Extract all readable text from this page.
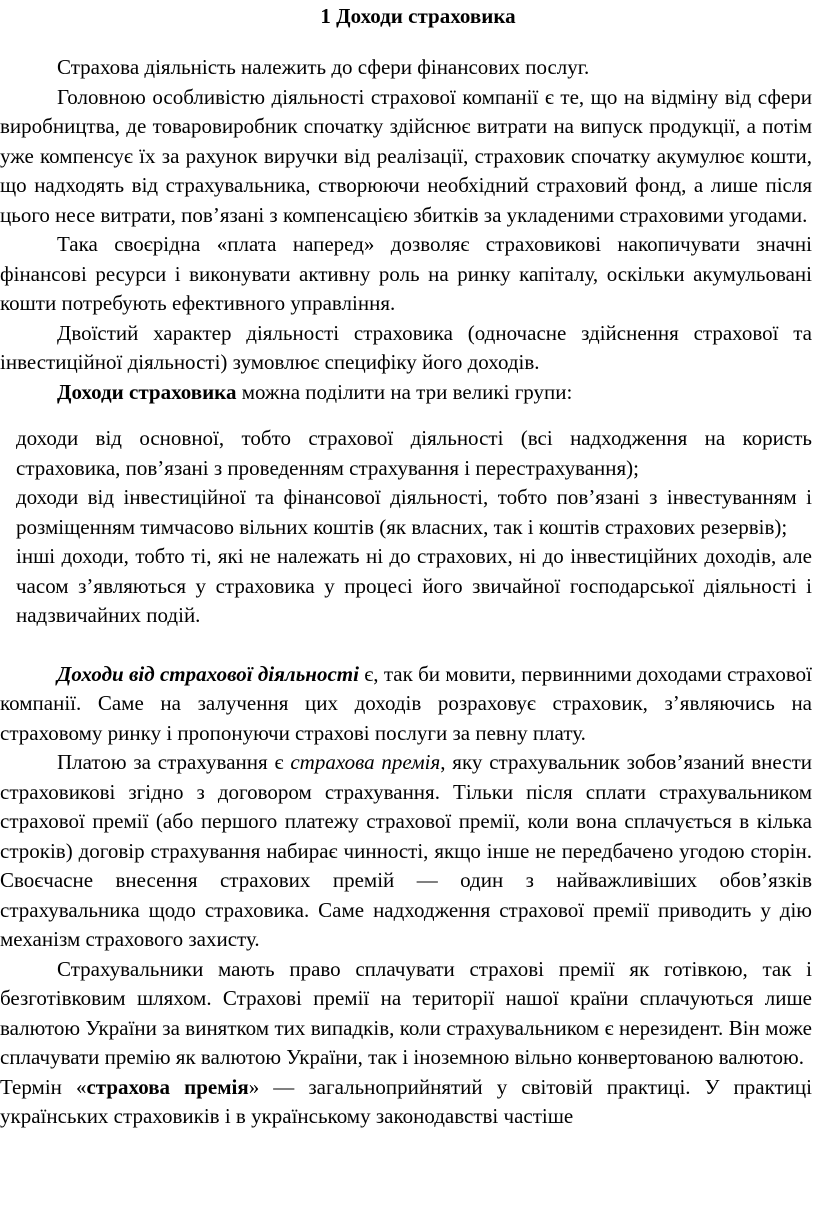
1 Доходи страховика

Страхова діяльність належить до сфери фінансових послуг.

Головною особливістю діяльності страхової компанії є те, що на відміну від сфери виробництва, де товаровиробник спочатку здійснює витрати на випуск продукції, а потім уже компенсує їх за рахунок виручки від реалізації, страховик спочатку акумулює кошти, що надходять від страхувальника, створюючи необхідний страховий фонд, а лише після цього несе витрати, пов’язані з компенсацією збитків за укладеними страховими угодами.

Така своєрідна «плата наперед» дозволяє страховикові накопичувати значні фінансові ресурси і виконувати активну роль на ринку капіталу, оскільки акумульовані кошти потребують ефективного управління.

Двоїстий характер діяльності страховика (одночасне здійснення страхової та інвестиційної діяльності) зумовлює специфіку його доходів.

Доходи страховика можна поділити на три великі групи:

доходи від основної, тобто страхової діяльності (всі надходження на користь страховика, пов’язані з проведенням страхування і перестрахування);
доходи від інвестиційної та фінансової діяльності, тобто пов’язані з інвестуванням і розміщенням тимчасово вільних коштів (як власних, так і коштів страхових резервів);
інші доходи, тобто ті, які не належать ні до страхових, ні до інвестиційних доходів, але часом з’являються у страховика у процесі його звичайної господарської діяльності і надзвичайних подій.

Доходи від страхової діяльності є, так би мовити, первинними доходами страхової компанії. Саме на залучення цих доходів розраховує страховик, з’являючись на страховому ринку і пропонуючи страхові послуги за певну плату.

Платою за страхування є страхова премія, яку страхувальник зобов’язаний внести страховикові згідно з договором страхування. Тільки після сплати страхувальником страхової премії (або першого платежу страхової премії, коли вона сплачується в кілька строків) договір страхування набирає чинності, якщо інше не передбачено угодою сторін. Своєчасне внесення страхових премій — один з найважливіших обов’язків страхувальника щодо страховика. Саме надходження страхової премії приводить у дію механізм страхового захисту.

Страхувальники мають право сплачувати страхові премії як готівкою, так і безготівковим шляхом. Страхові премії на території нашої країни сплачуються лише валютою України за винятком тих випадків, коли страхувальником є нерезидент. Він може сплачувати премію як валютою України, так і іноземною вільно конвертованою валютою.

Термін «страхова премія» — загальноприйнятий у світовій практиці. У практиці українських страховиків і в українському законодавстві частіше
